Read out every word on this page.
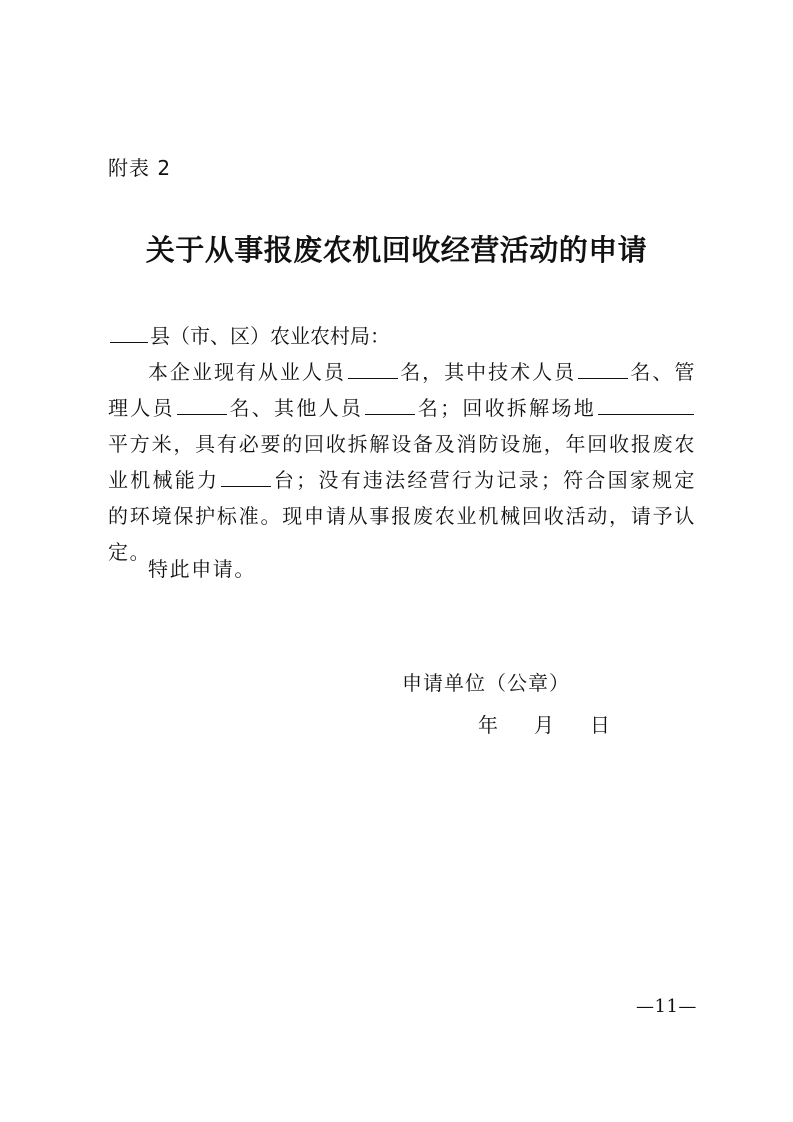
附表 2
关于从事报废农机回收经营活动的申请
县（市、区）农业农村局：
本企业现有从业人员	名，其中技术人员	名、管理人员	名、其他人员	名；回收拆解场地平方米，具有必要的回收拆解设备及消防设施，年回收报废农业机械能力	台；没有违法经营行为记录；符合国家规定的环境保护标准。现申请从事报废农业机械回收活动，请予认定。
特此申请。
申请单位（公章）
年 月 日
—11—
